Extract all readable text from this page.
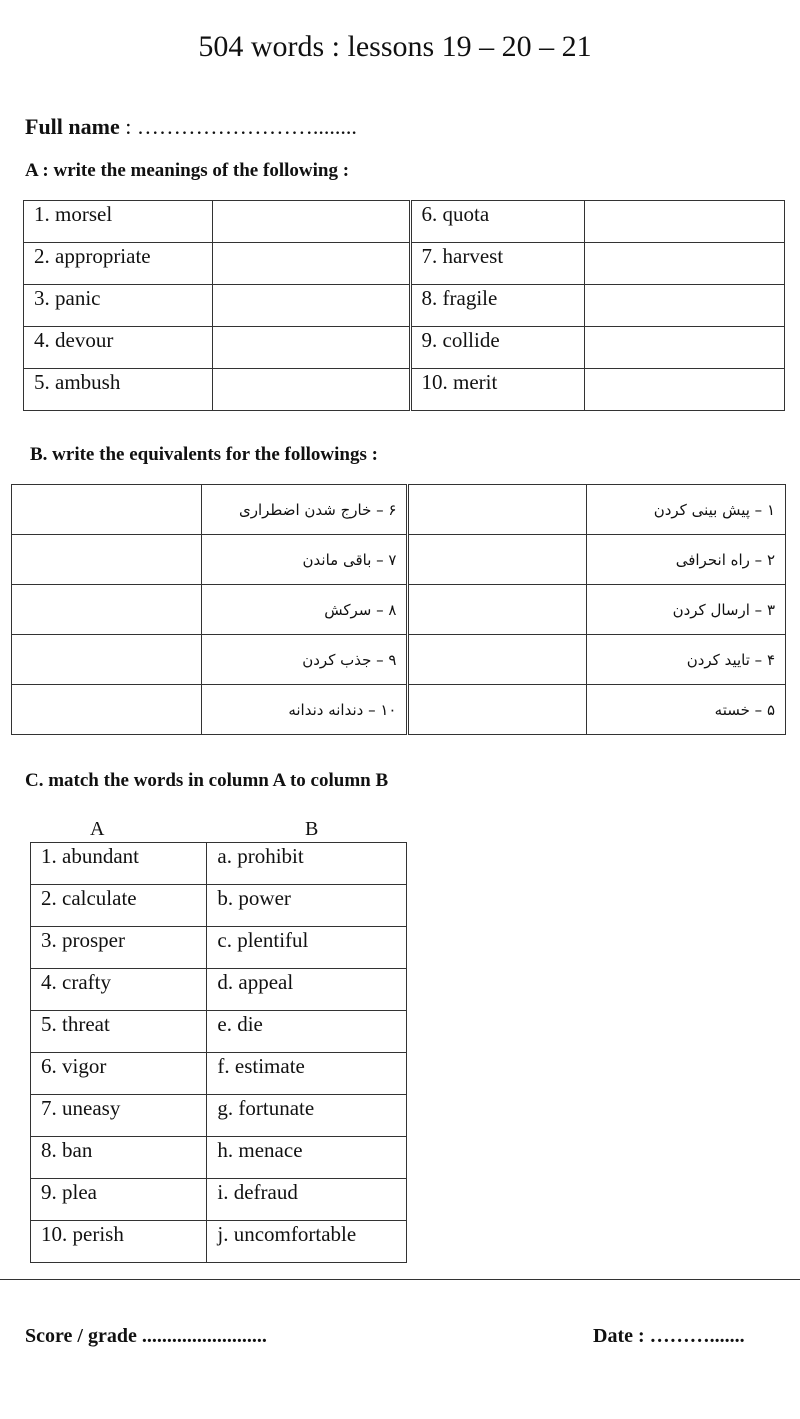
504 words : lessons 19 – 20 – 21
Full name : ……………………........
A : write the meanings of the following :
1. morsel		6. quota	
2. appropriate		7. harvest	
3. panic		8. fragile	
4. devour		9. collide	
5. ambush		10. merit	
B. write the equivalents for the followings :
	۶ – خارج شدن اضطراری		۱ – پیش بینی کردن
	۷ – باقی ماندن		۲ – راه انحرافی
	۸ – سرکش		۳ – ارسال کردن
	۹ – جذب کردن		۴ – تایید کردن
	۱۰ – دندانه دندانه		۵ – خسته
C. match the words in column A to column B
A	B
1. abundant	a. prohibit
2. calculate	b. power
3. prosper	c. plentiful
4. crafty	d. appeal
5. threat	e. die
6. vigor	f. estimate
7. uneasy	g. fortunate
8. ban	h. menace
9. plea	i. defraud
10. perish	j. uncomfortable
Score / grade .........................	Date : ……….......
